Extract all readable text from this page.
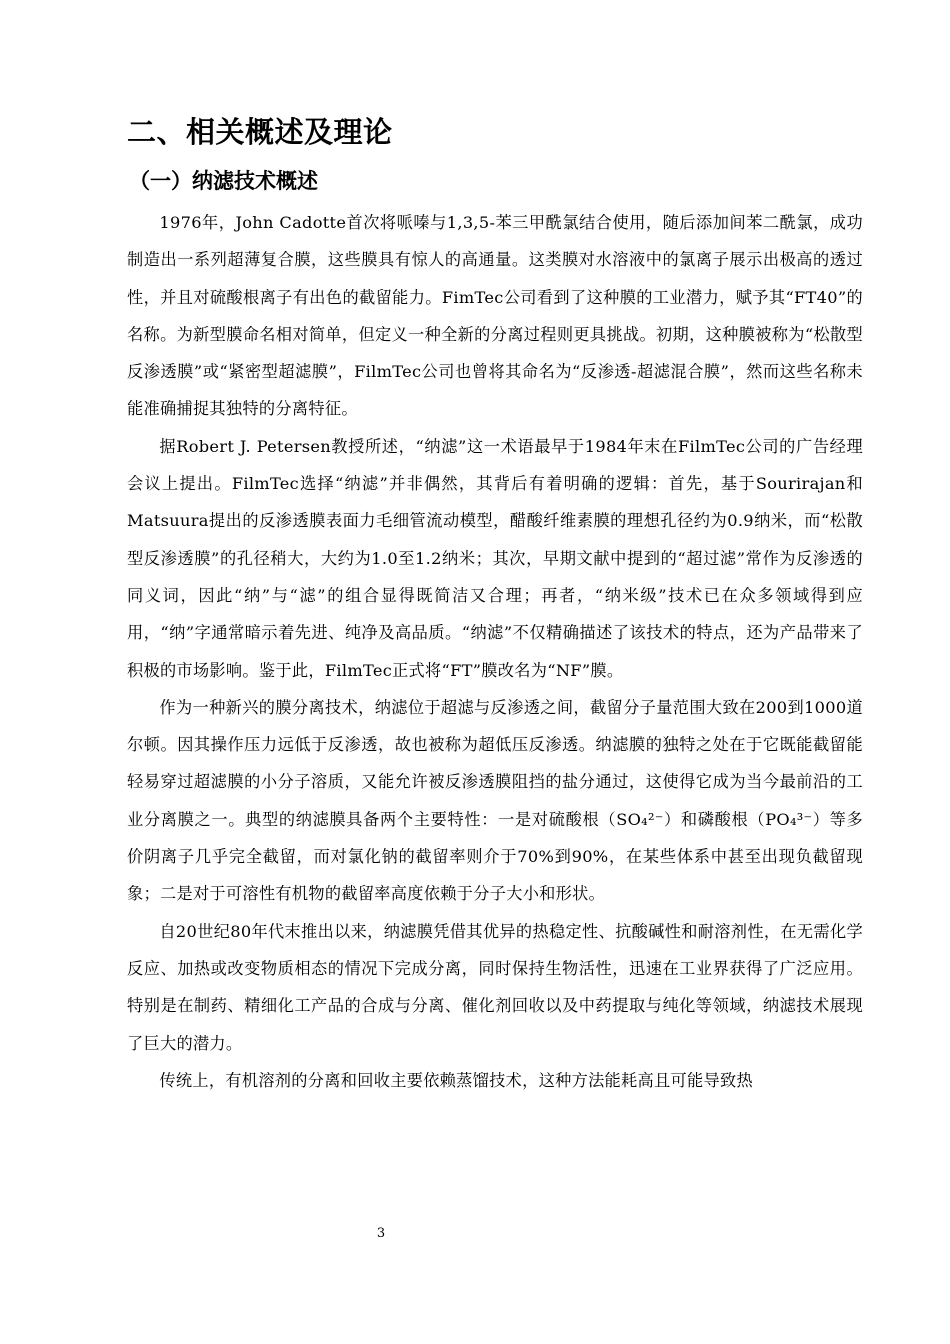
二、相关概述及理论
（一）纳滤技术概述

1976年，John Cadotte首次将哌嗪与1,3,5-苯三甲酰氯结合使用，随后添加间苯二酰氯，成功制造出一系列超薄复合膜，这些膜具有惊人的高通量。这类膜对水溶液中的氯离子展示出极高的透过性，并且对硫酸根离子有出色的截留能力。FimTec公司看到了这种膜的工业潜力，赋予其“FT40”的名称。为新型膜命名相对简单，但定义一种全新的分离过程则更具挑战。初期，这种膜被称为“松散型反渗透膜”或“紧密型超滤膜”，FilmTec公司也曾将其命名为“反渗透-超滤混合膜”，然而这些名称未能准确捕捉其独特的分离特征。

据Robert J. Petersen教授所述，“纳滤”这一术语最早于1984年末在FilmTec公司的广告经理会议上提出。FilmTec选择“纳滤”并非偶然，其背后有着明确的逻辑：首先，基于Sourirajan和Matsuura提出的反渗透膜表面力毛细管流动模型，醋酸纤维素膜的理想孔径约为0.9纳米，而“松散型反渗透膜”的孔径稍大，大约为1.0至1.2纳米；其次，早期文献中提到的“超过滤”常作为反渗透的同义词，因此“纳”与“滤”的组合显得既简洁又合理；再者，“纳米级”技术已在众多领域得到应用，“纳”字通常暗示着先进、纯净及高品质。“纳滤”不仅精确描述了该技术的特点，还为产品带来了积极的市场影响。鉴于此，FilmTec正式将“FT”膜改名为“NF”膜。

作为一种新兴的膜分离技术，纳滤位于超滤与反渗透之间，截留分子量范围大致在200到1000道尔顿。因其操作压力远低于反渗透，故也被称为超低压反渗透。纳滤膜的独特之处在于它既能截留能轻易穿过超滤膜的小分子溶质，又能允许被反渗透膜阻挡的盐分通过，这使得它成为当今最前沿的工业分离膜之一。典型的纳滤膜具备两个主要特性：一是对硫酸根（SO₄²⁻）和磷酸根（PO₄³⁻）等多价阴离子几乎完全截留，而对氯化钠的截留率则介于70%到90%，在某些体系中甚至出现负截留现象；二是对于可溶性有机物的截留率高度依赖于分子大小和形状。

自20世纪80年代末推出以来，纳滤膜凭借其优异的热稳定性、抗酸碱性和耐溶剂性，在无需化学反应、加热或改变物质相态的情况下完成分离，同时保持生物活性，迅速在工业界获得了广泛应用。特别是在制药、精细化工产品的合成与分离、催化剂回收以及中药提取与纯化等领域，纳滤技术展现了巨大的潜力。

传统上，有机溶剂的分离和回收主要依赖蒸馏技术，这种方法能耗高且可能导致热

3
